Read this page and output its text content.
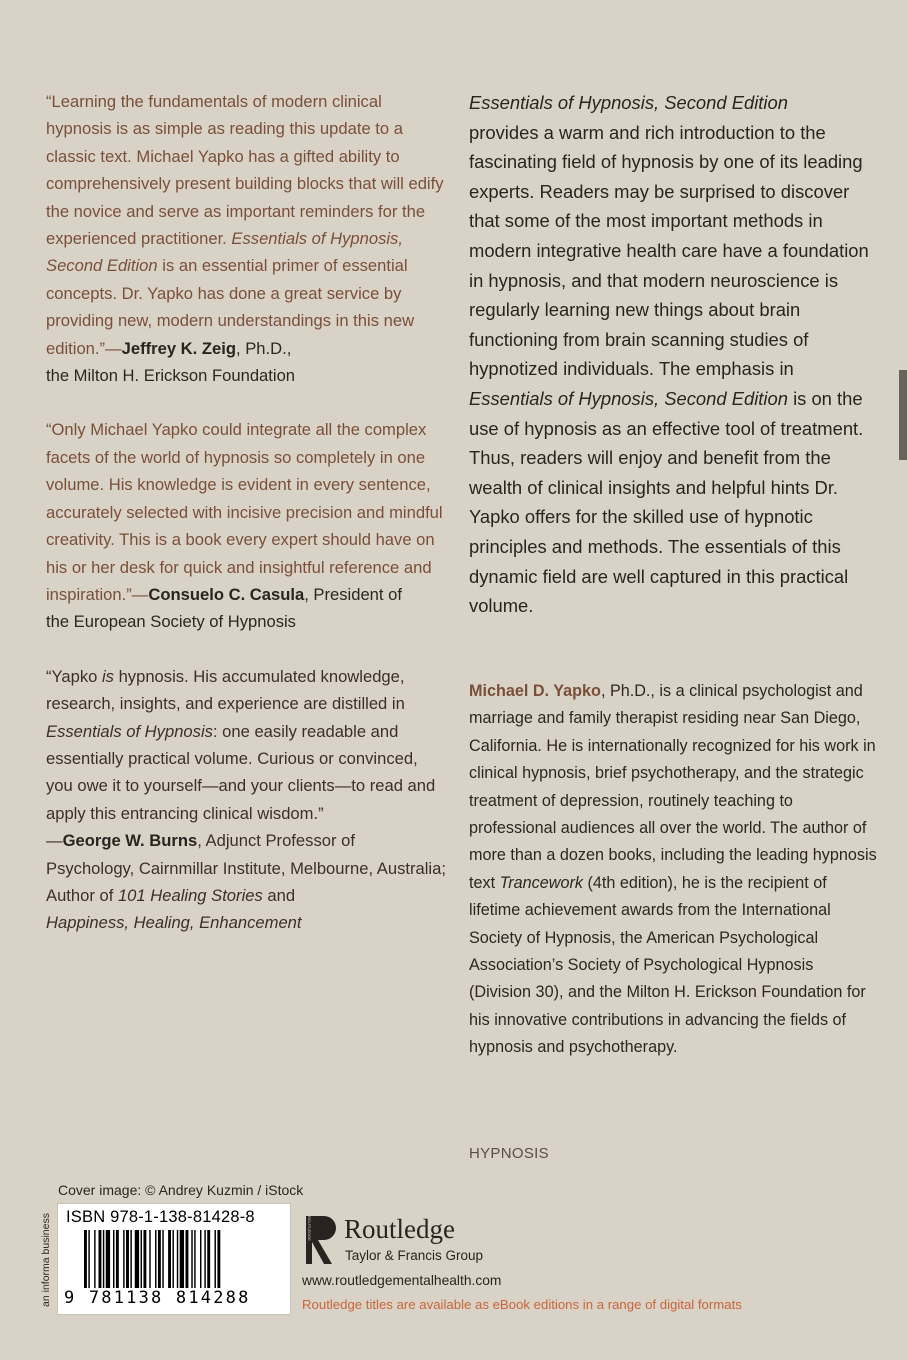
“Learning the fundamentals of modern clinical hypnosis is as simple as reading this update to a classic text. Michael Yapko has a gifted ability to comprehensively present building blocks that will edify the novice and serve as important reminders for the experienced practitioner. Essentials of Hypnosis, Second Edition is an essential primer of essential concepts. Dr. Yapko has done a great service by providing new, modern understandings in this new edition.”—Jeffrey K. Zeig, Ph.D.,
the Milton H. Erickson Foundation

“Only Michael Yapko could integrate all the complex facets of the world of hypnosis so completely in one volume. His knowledge is evident in every sentence, accurately selected with incisive precision and mindful creativity. This is a book every expert should have on his or her desk for quick and insightful reference and inspiration.”—Consuelo C. Casula, President of
the European Society of Hypnosis

“Yapko is hypnosis. His accumulated knowledge, research, insights, and experience are distilled in Essentials of Hypnosis: one easily readable and essentially practical volume. Curious or convinced, you owe it to yourself—and your clients—to read and apply this entrancing clinical wisdom.”
—George W. Burns, Adjunct Professor of Psychology, Cairnmillar Institute, Melbourne, Australia; Author of 101 Healing Stories and
Happiness, Healing, Enhancement

Essentials of Hypnosis, Second Edition
provides a warm and rich introduction to the fascinating field of hypnosis by one of its leading experts. Readers may be surprised to discover that some of the most important methods in modern integrative health care have a foundation in hypnosis, and that modern neuroscience is regularly learning new things about brain functioning from brain scanning studies of hypnotized individuals. The emphasis in Essentials of Hypnosis, Second Edition is on the use of hypnosis as an effective tool of treatment. Thus, readers will enjoy and benefit from the wealth of clinical insights and helpful hints Dr. Yapko offers for the skilled use of hypnotic principles and methods. The essentials of this dynamic field are well captured in this practical volume.

Michael D. Yapko, Ph.D., is a clinical psychologist and marriage and family therapist residing near San Diego, California. He is internationally recognized for his work in clinical hypnosis, brief psychotherapy, and the strategic treatment of depression, routinely teaching to professional audiences all over the world. The author of more than a dozen books, including the leading hypnosis text Trancework (4th edition), he is the recipient of lifetime achievement awards from the International Society of Hypnosis, the American Psychological Association’s Society of Psychological Hypnosis (Division 30), and the Milton H. Erickson Foundation for his innovative contributions in advancing the fields of hypnosis and psychotherapy.
HYPNOSIS
Cover image: © Andrey Kuzmin / iStock
an informa business ISBN 978-1-138-81428-8
9 781138 814288
ROUTLEDGE Routledge
Taylor & Francis Group
www.routledgementalhealth.com
Routledge titles are available as eBook editions in a range of digital formats
